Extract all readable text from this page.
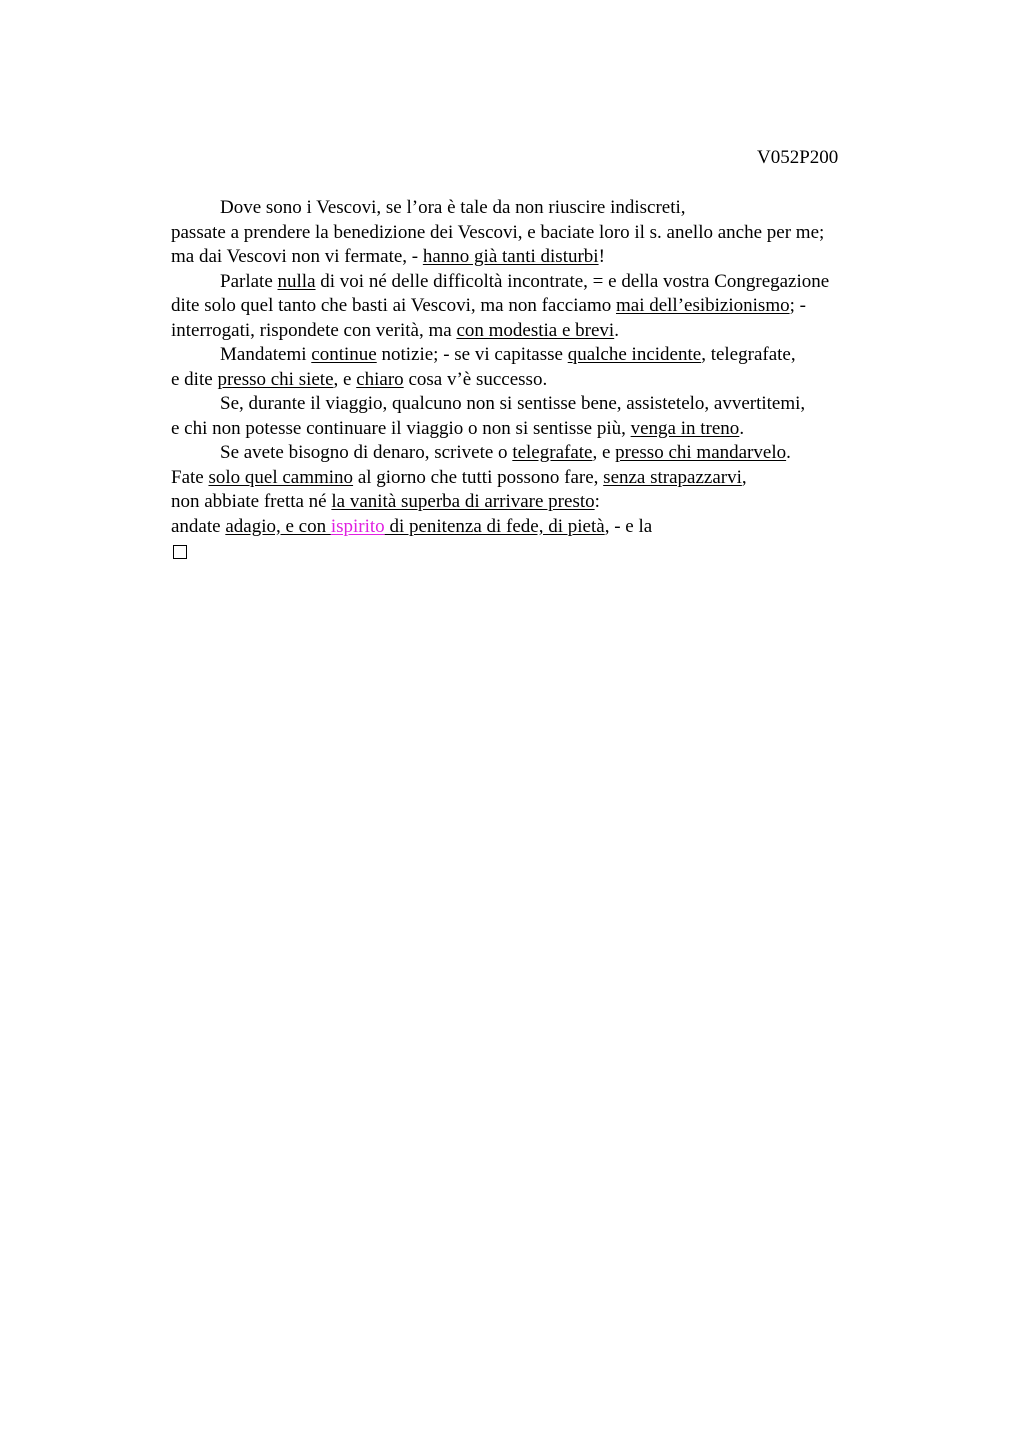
V052P200
Dove sono i Vescovi, se l’ora è tale da non riuscire indiscreti,
passate a prendere la benedizione dei Vescovi, e baciate loro il s. anello anche per me;
ma dai Vescovi non vi fermate, - hanno già tanti disturbi!
Parlate nulla di voi né delle difficoltà incontrate, = e della vostra Congregazione
dite solo quel tanto che basti ai Vescovi, ma non facciamo mai dell’esibizionismo; -
interrogati, rispondete con verità, ma con modestia e brevi.
Mandatemi continue notizie; - se vi capitasse qualche incidente, telegrafate,
e dite presso chi siete, e chiaro cosa v’è successo.
Se, durante il viaggio, qualcuno non si sentisse bene, assistetelo, avvertitemi,
e chi non potesse continuare il viaggio o non si sentisse più, venga in treno.
Se avete bisogno di denaro, scrivete o telegrafate, e presso chi mandarvelo.
Fate solo quel cammino al giorno che tutti possono fare, senza strapazzarvi,
non abbiate fretta né la vanità superba di arrivare presto:
andate adagio, e con ispirito di penitenza di fede, di pietà, - e la
